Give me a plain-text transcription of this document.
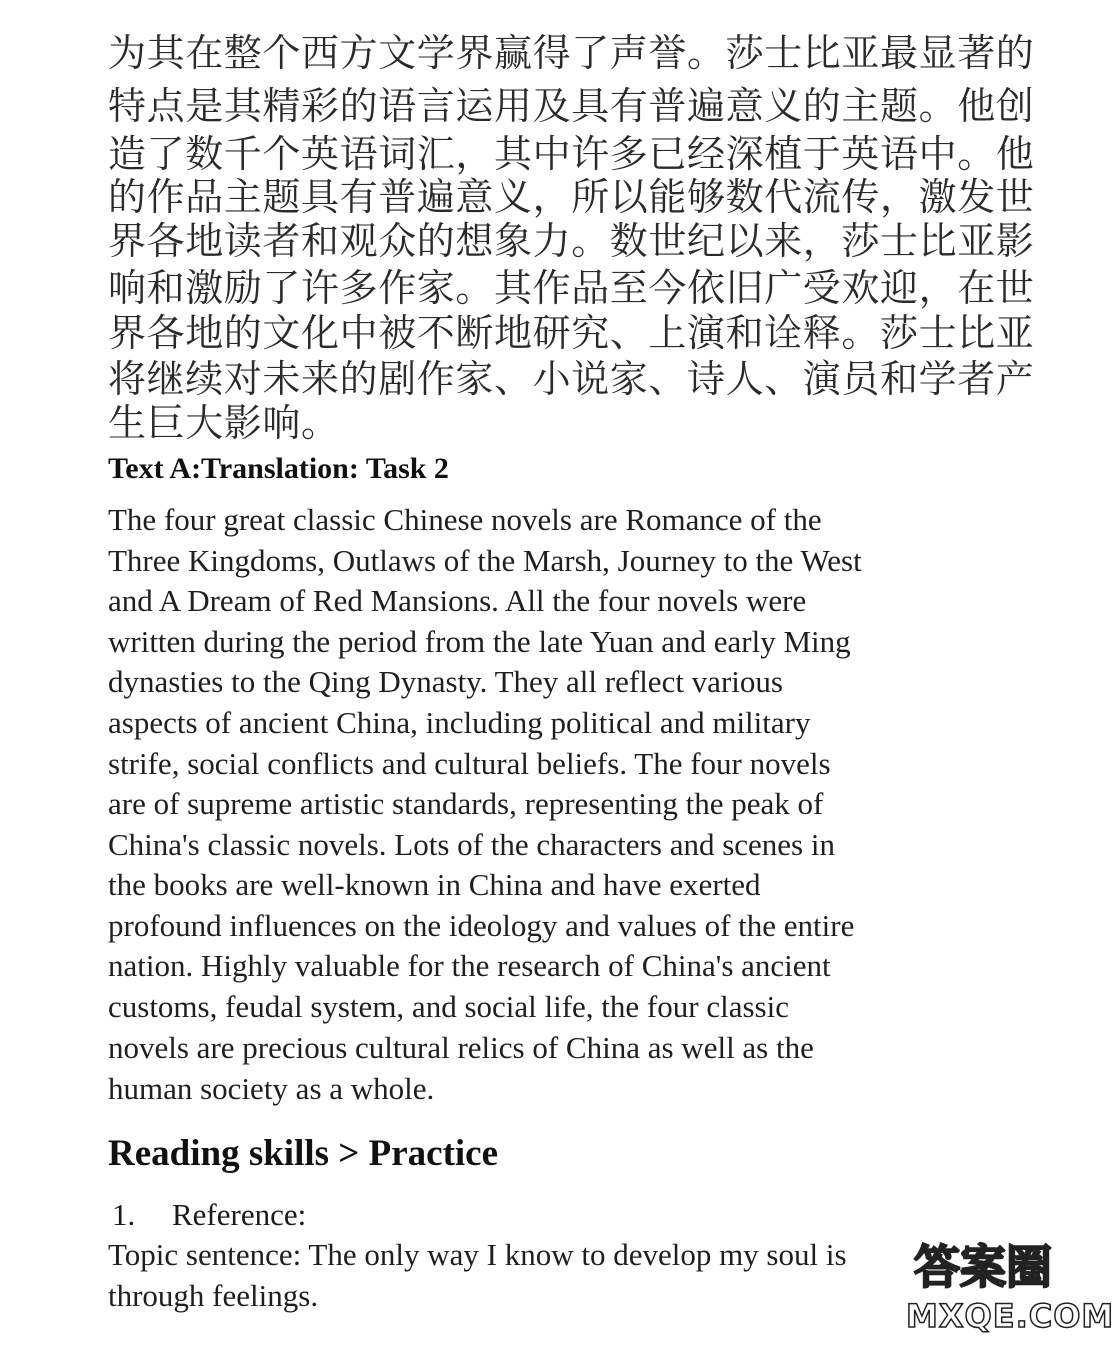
为其在整个西方文学界赢得了声誉。莎士比亚最显著的
特点是其精彩的语言运用及具有普遍意义的主题。他创
造了数千个英语词汇，其中许多已经深植于英语中。他
的作品主题具有普遍意义，所以能够数代流传，激发世
界各地读者和观众的想象力。数世纪以来，莎士比亚影
响和激励了许多作家。其作品至今依旧广受欢迎，在世
界各地的文化中被不断地研究、上演和诠释。莎士比亚
将继续对未来的剧作家、小说家、诗人、演员和学者产
生巨大影响。
Text A:Translation: Task 2
The four great classic Chinese novels are Romance of the
Three Kingdoms, Outlaws of the Marsh, Journey to the West
and A Dream of Red Mansions. All the four novels were
written during the period from the late Yuan and early Ming
dynasties to the Qing Dynasty. They all reflect various
aspects of ancient China, including political and military
strife, social conflicts and cultural beliefs. The four novels
are of supreme artistic standards, representing the peak of
China's classic novels. Lots of the characters and scenes in
the books are well-known in China and have exerted
profound influences on the ideology and values of the entire
nation. Highly valuable for the research of China's ancient
customs, feudal system, and social life, the four classic
novels are precious cultural relics of China as well as the
human society as a whole.
Reading skills > Practice
1. Reference:
Topic sentence: The only way I know to develop my soul is
through feelings.
答案圈
MXQE.COM
